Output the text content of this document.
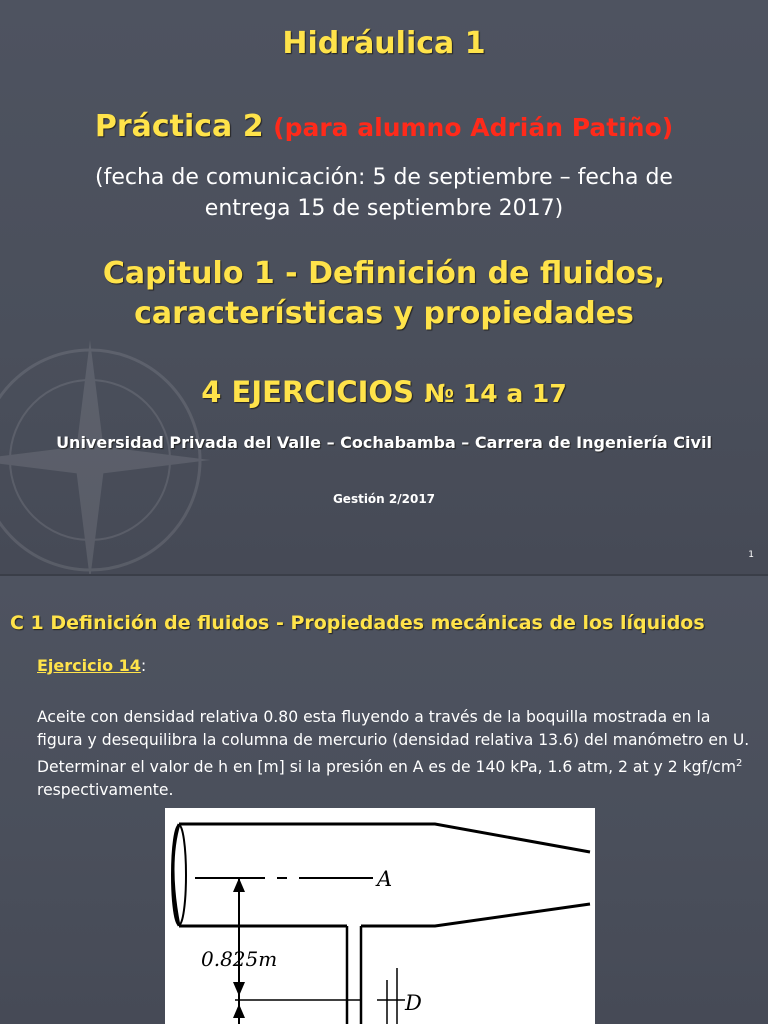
Hidráulica 1
Práctica 2 (para alumno Adrián Patiño)
(fecha de comunicación: 5 de septiembre – fecha de
entrega 15 de septiembre 2017)
Capitulo 1 - Definición de fluidos,
características y propiedades
4 EJERCICIOS № 14 a 17
Universidad Privada del Valle – Cochabamba – Carrera de Ingeniería Civil
Gestión 2/2017
1
C 1 Definición de fluidos - Propiedades mecánicas de los líquidos
Ejercicio 14:
Aceite con densidad relativa 0.80 esta fluyendo a través de la boquilla mostrada en la figura y desequilibra la columna de mercurio (densidad relativa 13.6) del manómetro en U. Determinar el valor de h en [m] si la presión en A es de 140 kPa, 1.6 atm, 2 at y 2 kgf/$cm^2$ respectivamente.
A
0.825m
D
